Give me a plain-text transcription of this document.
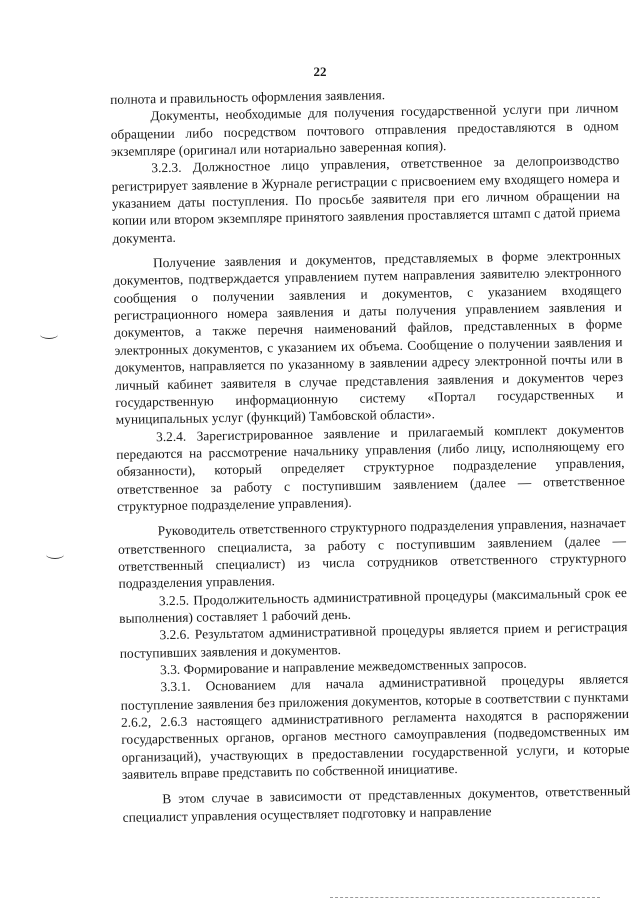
22

полнота и правильность оформления заявления.

Документы, необходимые для получения государственной услуги при личном обращении либо посредством почтового отправления предоставляются в одном экземпляре (оригинал или нотариально заверенная копия).

3.2.3. Должностное лицо управления, ответственное за делопроизводство регистрирует заявление в Журнале регистрации с присвоением ему входящего номера и указанием даты поступления. По просьбе заявителя при его личном обращении на копии или втором экземпляре принятого заявления проставляется штамп с датой приема документа.

Получение заявления и документов, представляемых в форме электронных документов, подтверждается управлением путем направления заявителю электронного сообщения о получении заявления и документов, с указанием входящего регистрационного номера заявления и даты получения управлением заявления и документов, а также перечня наименований файлов, представленных в форме электронных документов, с указанием их объема. Сообщение о получении заявления и документов, направляется по указанному в заявлении адресу электронной почты или в личный кабинет заявителя в случае представления заявления и документов через государственную информационную систему «Портал государственных и муниципальных услуг (функций) Тамбовской области».

3.2.4. Зарегистрированное заявление и прилагаемый комплект документов передаются на рассмотрение начальнику управления (либо лицу, исполняющему его обязанности), который определяет структурное подразделение управления, ответственное за работу с поступившим заявлением (далее — ответственное структурное подразделение управления).

Руководитель ответственного структурного подразделения управления, назначает ответственного специалиста, за работу с поступившим заявлением (далее — ответственный специалист) из числа сотрудников ответственного структурного подразделения управления.

3.2.5. Продолжительность административной процедуры (максимальный срок ее выполнения) составляет 1 рабочий день.

3.2.6. Результатом административной процедуры является прием и регистрация поступивших заявления и документов.

3.3. Формирование и направление межведомственных запросов.

3.3.1. Основанием для начала административной процедуры является поступление заявления без приложения документов, которые в соответствии с пунктами 2.6.2, 2.6.3 настоящего административного регламента находятся в распоряжении государственных органов, органов местного самоуправления (подведомственных им организаций), участвующих в предоставлении государственной услуги, и которые заявитель вправе представить по собственной инициативе.

В этом случае в зависимости от представленных документов, ответственный специалист управления осуществляет подготовку и направление
